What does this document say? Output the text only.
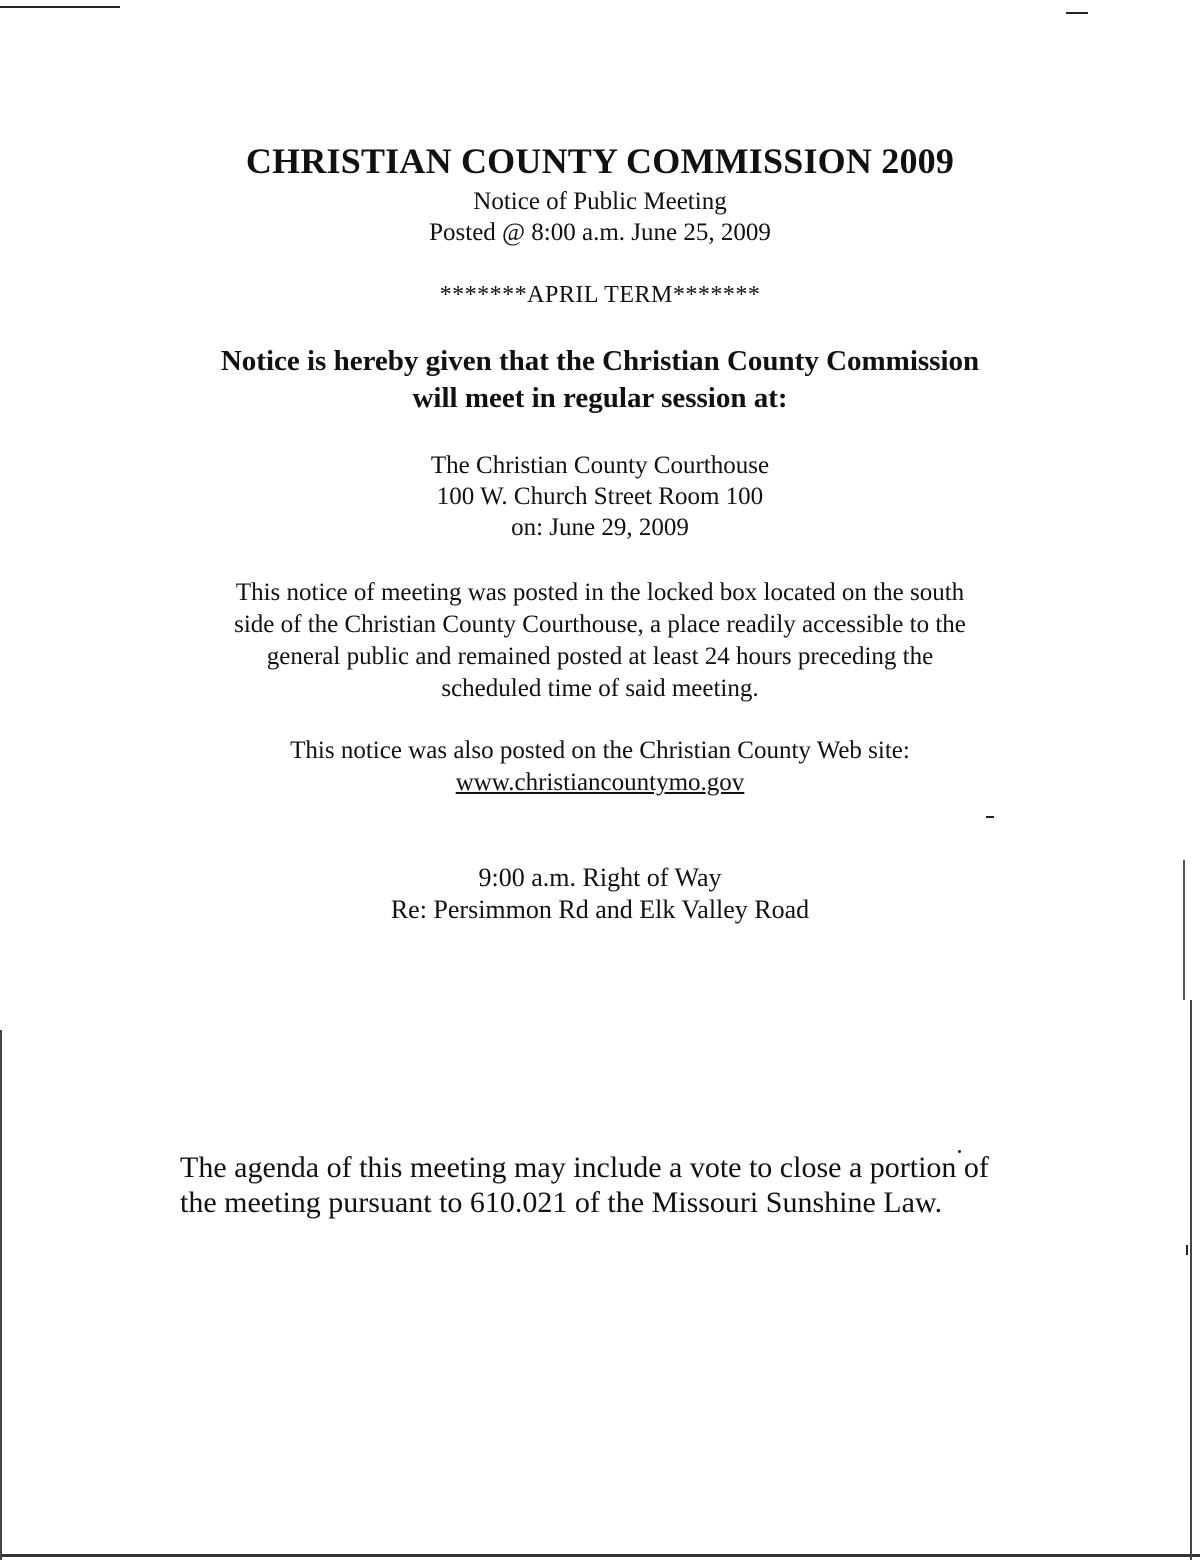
CHRISTIAN COUNTY COMMISSION 2009
Notice of Public Meeting
Posted @ 8:00 a.m. June 25, 2009
*******APRIL TERM*******
Notice is hereby given that the Christian County Commission
will meet in regular session at:
The Christian County Courthouse
100 W. Church Street Room 100
on: June 29, 2009
This notice of meeting was posted in the locked box located on the south
side of the Christian County Courthouse, a place readily accessible to the
general public and remained posted at least 24 hours preceding the
scheduled time of said meeting.
This notice was also posted on the Christian County Web site:
www.christiancountymo.gov
9:00 a.m. Right of Way
Re: Persimmon Rd and Elk Valley Road
The agenda of this meeting may include a vote to close a portion of
the meeting pursuant to 610.021 of the Missouri Sunshine Law.
